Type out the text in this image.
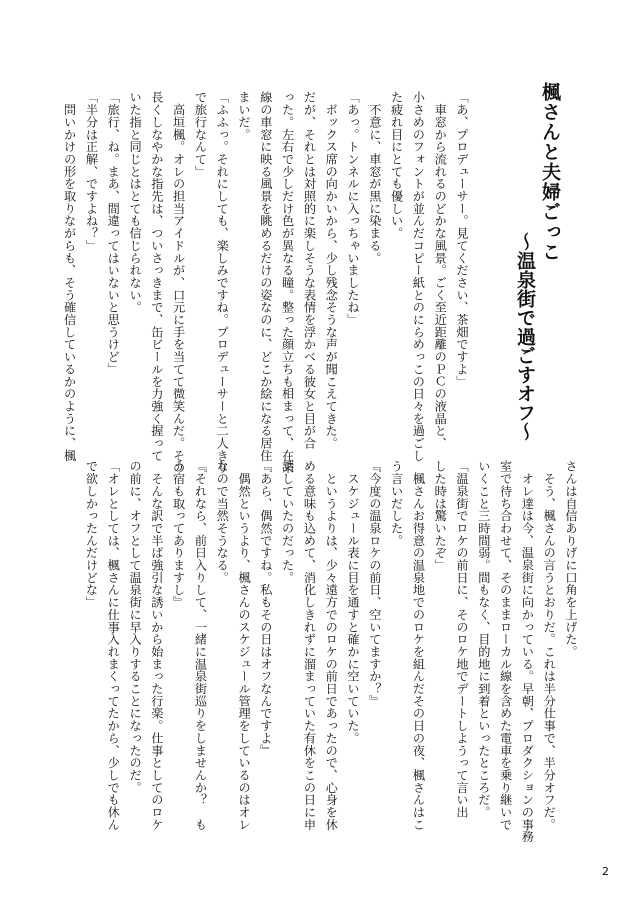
楓さんと夫婦ごっこ
～温泉街で過ごすオフ～

「あ、プロデューサー。見てください、茶畑ですよ」

　車窓から流れるのどかな風景。ごく至近距離のＰＣの液晶と、

小さめのフォントが並んだコピー紙とのにらめっこの日々を過ごし

た疲れ目にとても優しい。

　不意に、車窓が黒に染まる。

「あっ。トンネルに入っちゃいましたね」

　ボックス席の向かいから、少し残念そうな声が聞こえてきた。

だが、それとは対照的に楽しそうな表情を浮かべる彼女と目が合

った。左右で少しだけ色が異なる瞳。整った顔立ちも相まって、在来

線の車窓に映る風景を眺めるだけの姿なのに、どこか絵になる居住

まいだ。

「ふふっ。それにしても、楽しみですね。プロデューサーと二人きり

で旅行なんて」

　高垣楓。オレの担当アイドルが、口元に手を当てて微笑んだ。その

長くしなやかな指先は、ついさっきまで、缶ビールを力強く握って

いた指と同じとはとても信じられない。

「旅行、ね。まあ、間違ってはいないと思うけど」

「半分は正解、ですよね？」

　問いかけの形を取りながらも、そう確信しているかのように、楓

さんは自信ありげに口角を上げた。

　そう、楓さんの言うとおりだ。これは半分仕事で、半分オフだ。

　オレ達は今、温泉街に向かっている。早朝、プロダクションの事務

室で待ち合わせて、そのままローカル線を含めた電車を乗り継いで

いくこと三時間弱。間もなく、目的地に到着といったところだ。

「温泉街でロケの前日に、そのロケ地でデートしようって言い出

した時は驚いたぞ」

　楓さんお得意の温泉地でのロケを組んだその日の夜、楓さんはこ

う言いだした。

『今度の温泉ロケの前日、空いてますか？』

　スケジュール表に目を通すと確かに空いていた。

　というよりは、少々遠方でのロケの前日であったので、心身を休

める意味も込めて、消化しきれずに溜まっていた有休をこの日に申

請していたのだった。

『あら、偶然ですね。私もその日はオフなんですよ』

　偶然というより、楓さんのスケジュール管理をしているのはオレ

なので当然そうなる。

『それなら、前日入りして、一緒に温泉街巡りをしませんか？　も

う宿も取ってありますし』

　そんな訳で半ば強引な誘いから始まった行楽。仕事としてのロケ

の前に、オフとして温泉街に早入りすることになったのだ。

「オレとしては、楓さんに仕事入れまくってたから、少しでも休ん

で欲しかったんだけどな」

2
